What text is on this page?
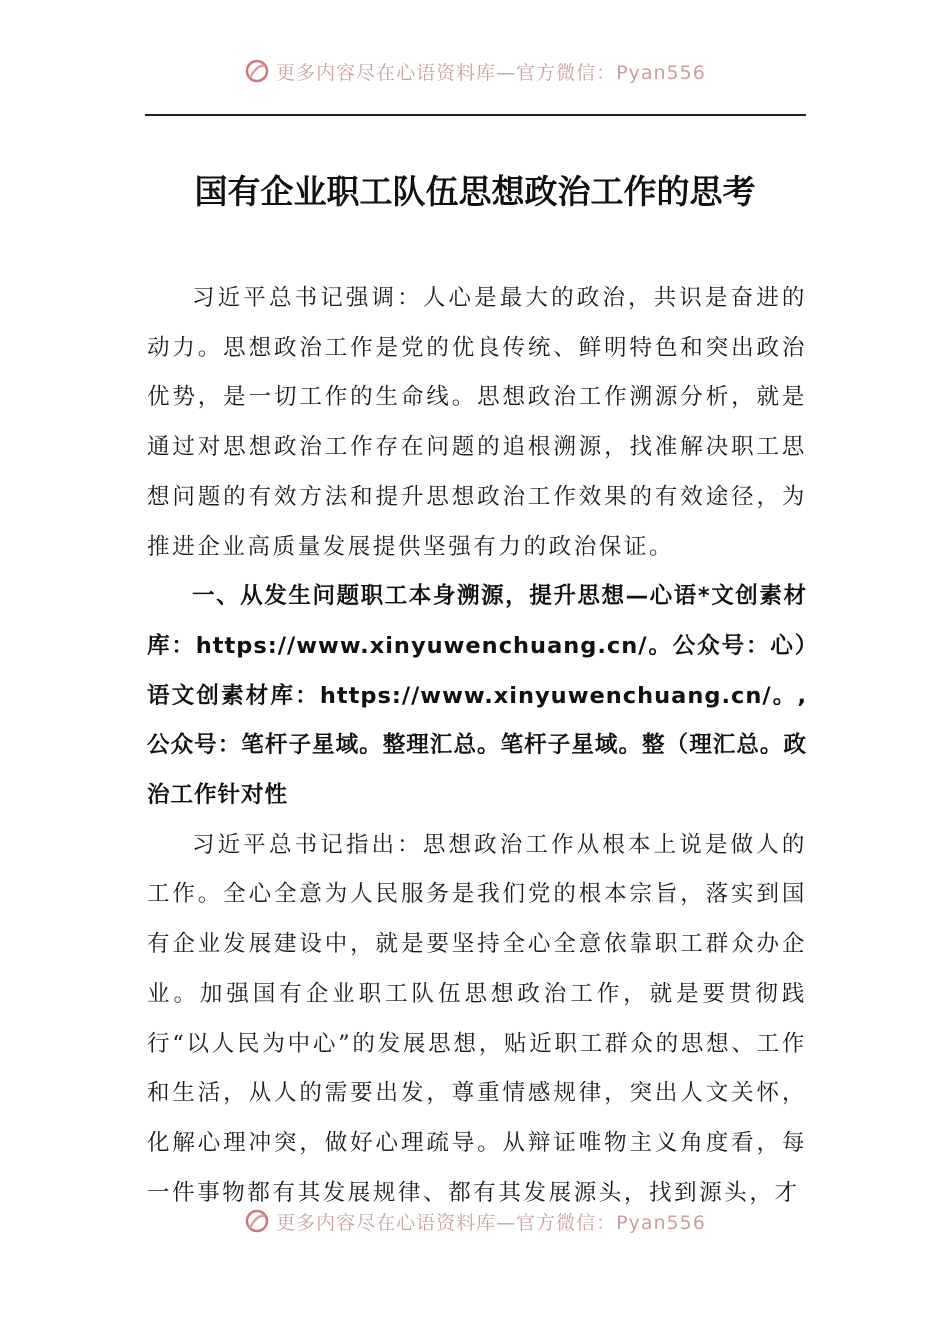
更多内容尽在心语资料库—官方微信：Pyan556
国有企业职工队伍思想政治工作的思考

习近平总书记强调：人心是最大的政治，共识是奋进的动力。思想政治工作是党的优良传统、鲜明特色和突出政治优势，是一切工作的生命线。思想政治工作溯源分析，就是通过对思想政治工作存在问题的追根溯源，找准解决职工思想问题的有效方法和提升思想政治工作效果的有效途径，为推进企业高质量发展提供坚强有力的政治保证。

一、从发生问题职工本身溯源，提升思想—心语*文创素材库：https://www.xinyuwenchuang.cn/。公众号：心）语文创素材库：https://www.xinyuwenchuang.cn/。,公众号：笔杆子星域。整理汇总。笔杆子星域。整（理汇总。政治工作针对性

习近平总书记指出：思想政治工作从根本上说是做人的工作。全心全意为人民服务是我们党的根本宗旨，落实到国有企业发展建设中，就是要坚持全心全意依靠职工群众办企业。加强国有企业职工队伍思想政治工作，就是要贯彻践行“以人民为中心”的发展思想，贴近职工群众的思想、工作和生活，从人的需要出发，尊重情感规律，突出人文关怀，化解心理冲突，做好心理疏导。从辩证唯物主义角度看，每一件事物都有其发展规律、都有其发展源头，找到源头，才

更多内容尽在心语资料库—官方微信：Pyan556
